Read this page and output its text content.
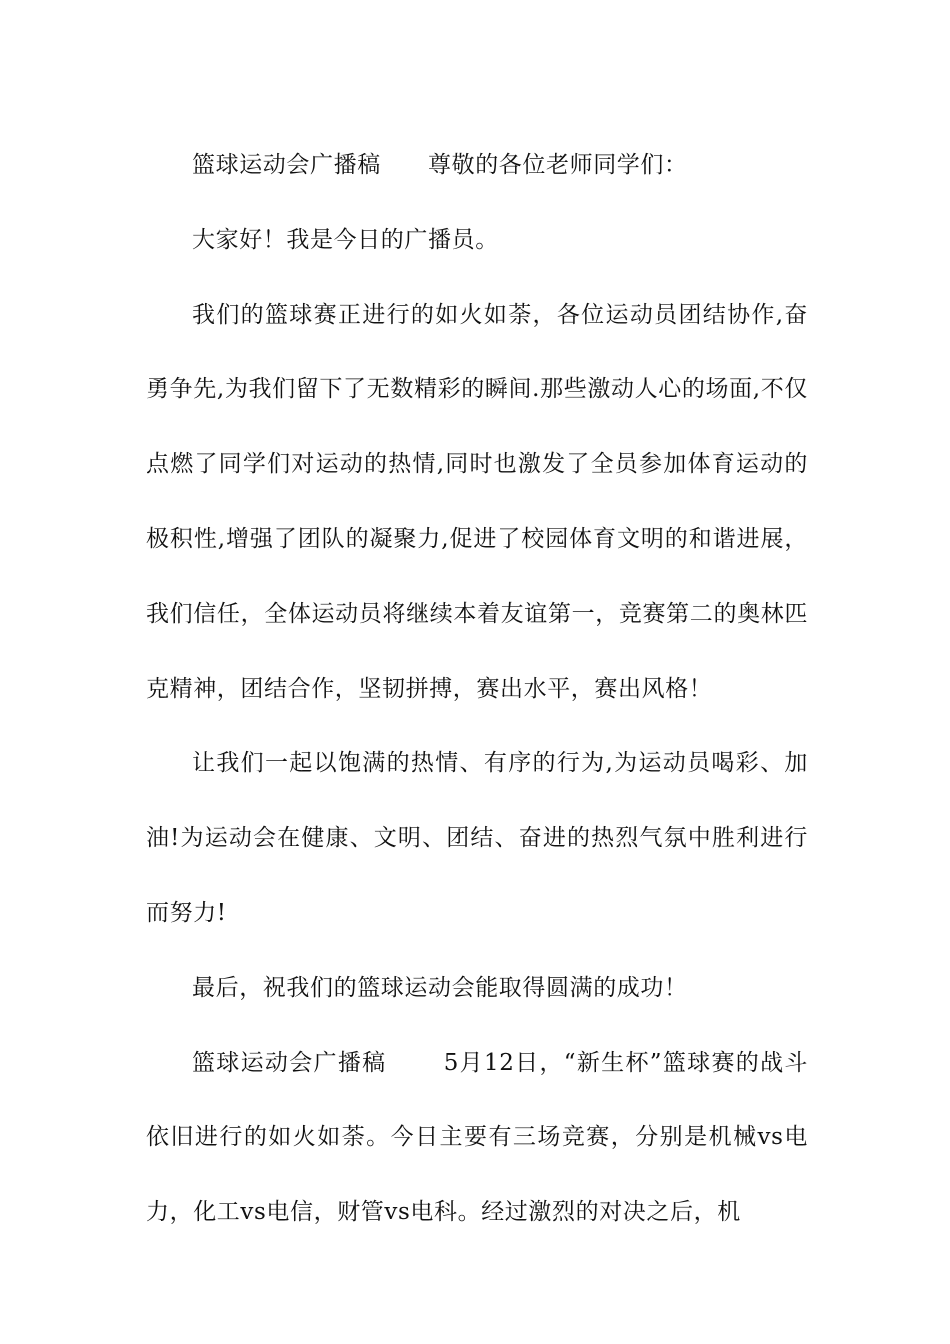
篮球运动会广播稿　　尊敬的各位老师同学们：

大家好！我是今日的广播员。

我们的篮球赛正进行的如火如荼，各位运动员团结协作,奋勇争先,为我们留下了无数精彩的瞬间.那些激动人心的场面,不仅点燃了同学们对运动的热情,同时也激发了全员参加体育运动的极积性,增强了团队的凝聚力,促进了校园体育文明的和谐进展，我们信任，全体运动员将继续本着友谊第一，竞赛第二的奥林匹克精神，团结合作，坚韧拼搏，赛出水平，赛出风格！

让我们一起以饱满的热情、有序的行为,为运动员喝彩、加油!为运动会在健康、文明、团结、奋进的热烈气氛中胜利进行而努力!

最后，祝我们的篮球运动会能取得圆满的成功！

篮球运动会广播稿　　 5月12日，“新生杯”篮球赛的战斗依旧进行的如火如荼。今日主要有三场竞赛，分别是机械vs电力，化工vs电信，财管vs电科。经过激烈的对决之后，机
